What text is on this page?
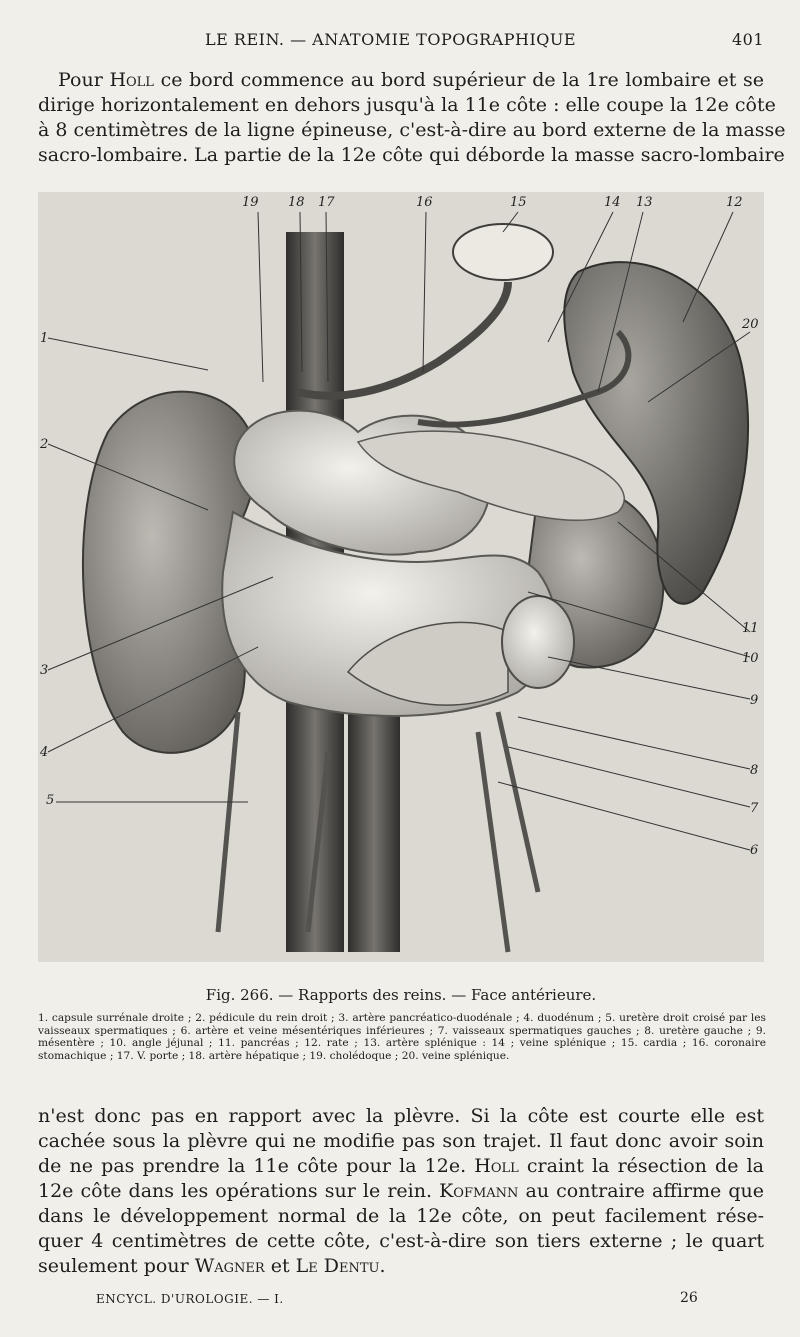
LE REIN. — ANATOMIE TOPOGRAPHIQUE	401
Pour Holl ce bord commence au bord supérieur de la 1re lombaire et se
dirige horizontalement en dehors jusqu'à la 11e côte : elle coupe la 12e côte
à 8 centimètres de la ligne épineuse, c'est-à-dire au bord externe de la masse
sacro-lombaire. La partie de la 12e côte qui déborde la masse sacro-lombaire
1
2
3
4
5
6
7
8
9
10
11
12
13
14
15
16
17
18
19
20
Fig. 266. — Rapports des reins. — Face antérieure.
1. capsule surrénale droite ; 2. pédicule du rein droit ; 3. artère pancréatico-duodénale ; 4. duodénum ; 5. uretère droit croisé par les vaisseaux spermatiques ; 6. artère et veine mésentériques inférieures ; 7. vaisseaux spermatiques gauches ; 8. uretère gauche ; 9. mésentère ; 10. angle jéjunal ; 11. pancréas ; 12. rate ; 13. artère splénique : 14 ; veine splénique ; 15. cardia ; 16. coronaire stomachique ; 17. V. porte ; 18. artère hépatique ; 19. cholédoque ; 20. veine splénique.
n'est donc pas en rapport avec la plèvre. Si la côte est courte elle est
cachée sous la plèvre qui ne modifie pas son trajet. Il faut donc avoir soin
de ne pas prendre la 11e côte pour la 12e. Holl craint la résection de la
12e côte dans les opérations sur le rein. Kofmann au contraire affirme que
dans le développement normal de la 12e côte, on peut facilement rése-
quer 4 centimètres de cette côte, c'est-à-dire son tiers externe ; le quart
seulement pour Wagner et Le Dentu.
ENCYCL. D'UROLOGIE. — I.	26
